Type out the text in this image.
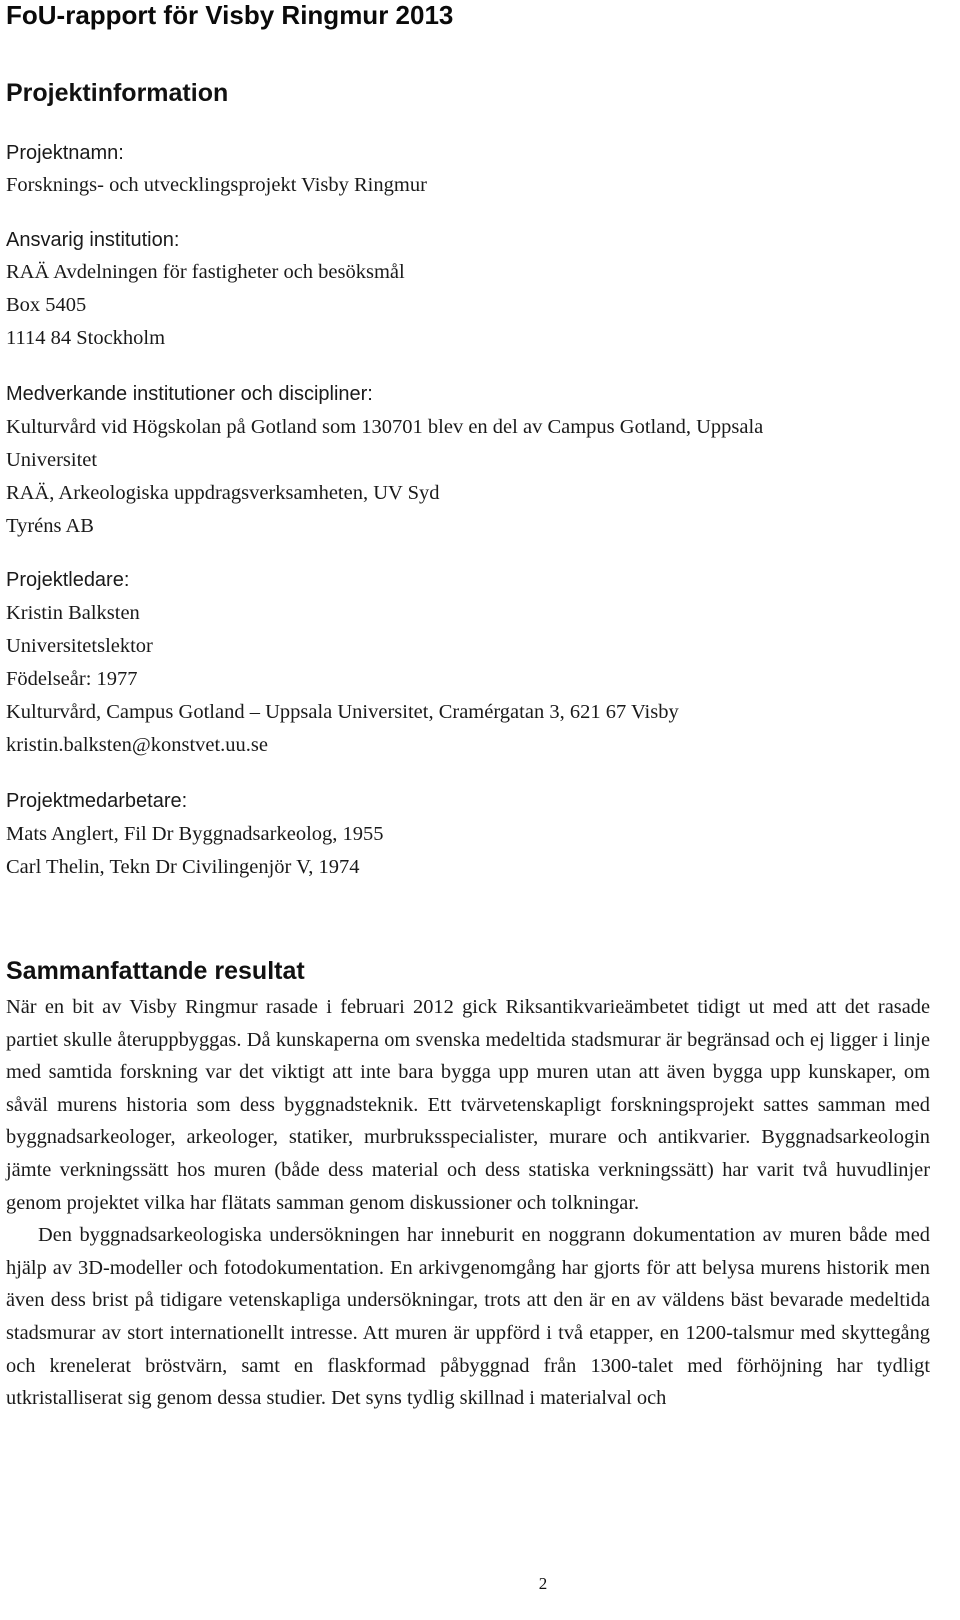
FoU-rapport för Visby Ringmur 2013
Projektinformation
Projektnamn:
Forsknings- och utvecklingsprojekt Visby Ringmur
Ansvarig institution:
RAÄ Avdelningen för fastigheter och besöksmål
Box 5405
1114 84 Stockholm
Medverkande institutioner och discipliner:
Kulturvård vid Högskolan på Gotland som 130701 blev en del av Campus Gotland, Uppsala
Universitet
RAÄ, Arkeologiska uppdragsverksamheten, UV Syd
Tyréns AB
Projektledare:
Kristin Balksten
Universitetslektor
Födelseår: 1977
Kulturvård, Campus Gotland – Uppsala Universitet, Cramérgatan 3, 621 67 Visby
kristin.balksten@konstvet.uu.se
Projektmedarbetare:
Mats Anglert, Fil Dr Byggnadsarkeolog, 1955
Carl Thelin, Tekn Dr Civilingenjör V, 1974
Sammanfattande resultat

När en bit av Visby Ringmur rasade i februari 2012 gick Riksantikvarieämbetet tidigt ut med att det rasade partiet skulle återuppbyggas. Då kunskaperna om svenska medeltida stadsmurar är begränsad och ej ligger i linje med samtida forskning var det viktigt att inte bara bygga upp muren utan att även bygga upp kunskaper, om såväl murens historia som dess byggnadsteknik. Ett tvärvetenskapligt forskningsprojekt sattes samman med byggnadsarkeologer, arkeologer, statiker, murbruksspecialister, murare och antikvarier. Byggnadsarkeologin jämte verkningssätt hos muren (både dess material och dess statiska verkningssätt) har varit två huvudlinjer genom projektet vilka har flätats samman genom diskussioner och tolkningar.

Den byggnadsarkeologiska undersökningen har inneburit en noggrann dokumentation av muren både med hjälp av 3D-modeller och fotodokumentation. En arkivgenomgång har gjorts för att belysa murens historik men även dess brist på tidigare vetenskapliga undersökningar, trots att den är en av väldens bäst bevarade medeltida stadsmurar av stort internationellt intresse. Att muren är uppförd i två etapper, en 1200-talsmur med skyttegång och krenelerat bröstvärn, samt en flaskformad påbyggnad från 1300-talet med förhöjning har tydligt utkristalliserat sig genom dessa studier. Det syns tydlig skillnad i materialval och

2
